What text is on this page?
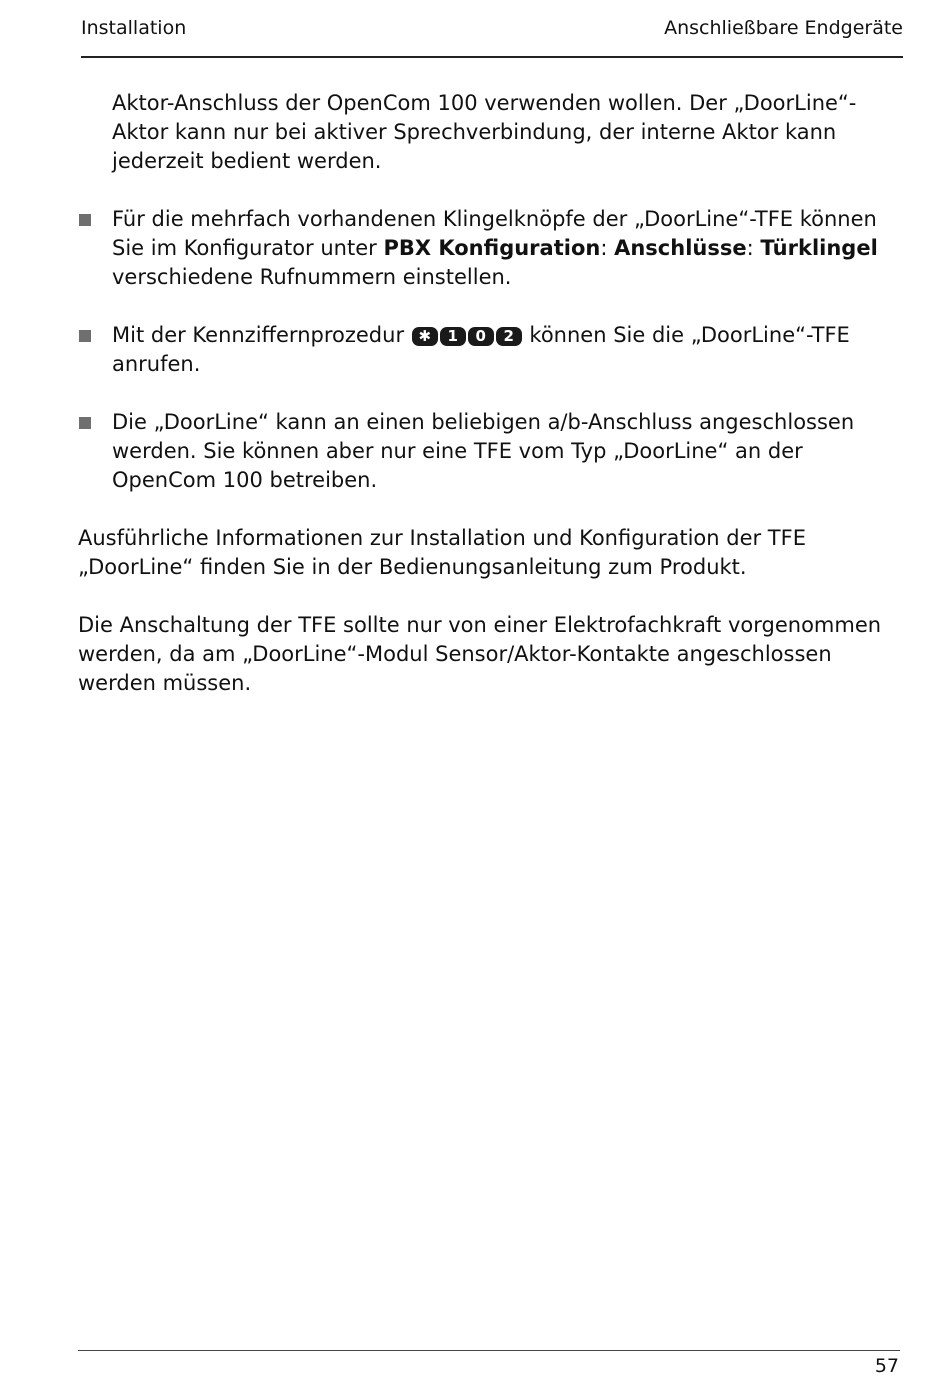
Installation	Anschließbare Endgeräte

Aktor-Anschluss der OpenCom 100 verwenden wollen. Der „DoorLine“-Aktor kann nur bei aktiver Sprechverbindung, der interne Aktor kann jederzeit bedient werden.

Für die mehrfach vorhandenen Klingelknöpfe der „DoorLine“-TFE können Sie im Konfigurator unter PBX Konfiguration: Anschlüsse: Türklingel verschiedene Rufnummern einstellen.
Mit der Kennziffernprozedur ✱ 1 0 2 können Sie die „DoorLine“-TFE anrufen.
Die „DoorLine“ kann an einen beliebigen a/b-Anschluss angeschlossen werden. Sie können aber nur eine TFE vom Typ „DoorLine“ an der OpenCom 100 betreiben.

Ausführliche Informationen zur Installation und Konfiguration der TFE „DoorLine“ finden Sie in der Bedienungsanleitung zum Produkt.

Die Anschaltung der TFE sollte nur von einer Elektrofachkraft vorgenommen werden, da am „DoorLine“-Modul Sensor/Aktor-Kontakte angeschlossen werden müssen.

57
